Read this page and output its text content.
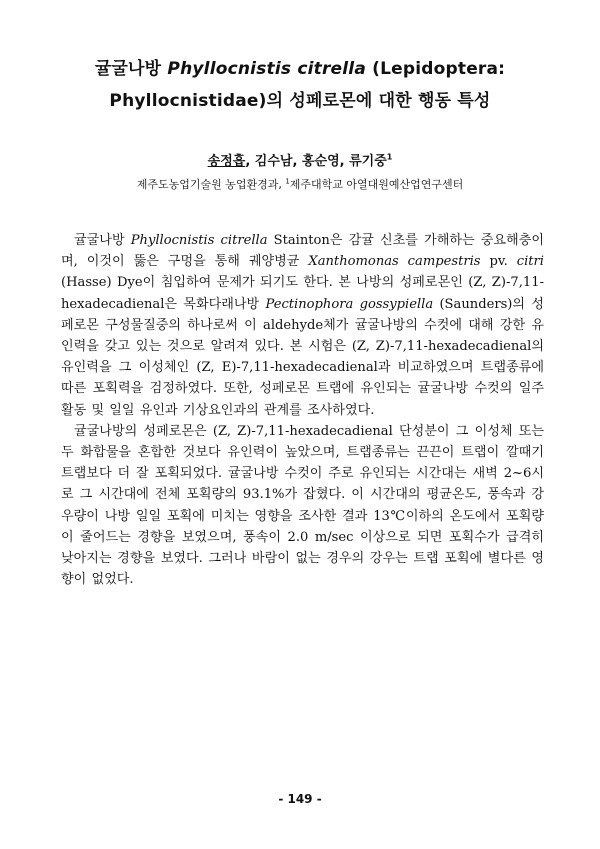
귤굴나방 Phyllocnistis citrella (Lepidoptera:
Phyllocnistidae)의 성페로몬에 대한 행동 특성
송정흡, 김수남, 홍순영, 류기중$^1$
제주도농업기술원 농업환경과, $^1$제주대학교 아열대원예산업연구센터

귤굴나방 Phyllocnistis citrella Stainton은 감귤 신초를 가해하는 중요해충이며, 이것이 뚫은 구멍을 통해 궤양병균 Xanthomonas campestris pv. citri (Hasse) Dye이 침입하여 문제가 되기도 한다. 본 나방의 성페로몬인 (Z, Z)-7,11-hexadecadienal은 목화다래나방 Pectinophora gossypiella (Saunders)의 성페로몬 구성물질중의 하나로써 이 aldehyde체가 귤굴나방의 수컷에 대해 강한 유인력을 갖고 있는 것으로 알려져 있다. 본 시험은 (Z, Z)-7,11-hexadecadienal의 유인력을 그 이성체인 (Z, E)-7,11-hexadecadienal과 비교하였으며 트랩종류에 따른 포획력을 검정하였다. 또한, 성페로몬 트랩에 유인되는 귤굴나방 수컷의 일주활동 및 일일 유인과 기상요인과의 관계를 조사하였다.

귤굴나방의 성페로몬은 (Z, Z)-7,11-hexadecadienal 단성분이 그 이성체 또는 두 화합물을 혼합한 것보다 유인력이 높았으며, 트랩종류는 끈끈이 트랩이 깔때기 트랩보다 더 잘 포획되었다. 귤굴나방 수컷이 주로 유인되는 시간대는 새벽 2~6시로 그 시간대에 전체 포획량의 93.1%가 잡혔다. 이 시간대의 평균온도, 풍속과 강우량이 나방 일일 포획에 미치는 영향을 조사한 결과 13℃이하의 온도에서 포획량이 줄어드는 경향을 보였으며, 풍속이 2.0 m/sec 이상으로 되면 포획수가 급격히 낮아지는 경향을 보였다. 그러나 바람이 없는 경우의 강우는 트랩 포획에 별다른 영향이 없었다.

- 149 -
